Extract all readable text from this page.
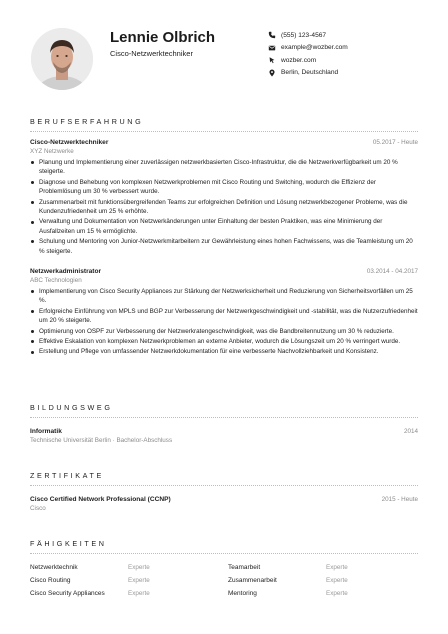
Lennie Olbrich
Cisco-Netzwerktechniker
(555) 123-4567
example@wozber.com
wozber.com
Berlin, Deutschland
BERUFSERFAHRUNG
Cisco-Netzwerktechniker	05.2017 - Heute
XYZ Netzwerke
Planung und Implementierung einer zuverlässigen netzwerkbasierten Cisco-Infrastruktur, die die Netzwerkverfügbarkeit um 20 % steigerte.
Diagnose und Behebung von komplexen Netzwerkproblemen mit Cisco Routing und Switching, wodurch die Effizienz der Problemlösung um 30 % verbessert wurde.
Zusammenarbeit mit funktionsübergreifenden Teams zur erfolgreichen Definition und Lösung netzwerkbezogener Probleme, was die Kundenzufriedenheit um 25 % erhöhte.
Verwaltung und Dokumentation von Netzwerkänderungen unter Einhaltung der besten Praktiken, was eine Minimierung der Ausfallzeiten um 15 % ermöglichte.
Schulung und Mentoring von Junior-Netzwerkmitarbeitern zur Gewährleistung eines hohen Fachwissens, was die Teamleistung um 20 % steigerte.
Netzwerkadministrator	03.2014 - 04.2017
ABC Technologien
Implementierung von Cisco Security Appliances zur Stärkung der Netzwerksicherheit und Reduzierung von Sicherheitsvorfällen um 25 %.
Erfolgreiche Einführung von MPLS und BGP zur Verbesserung der Netzwerkgeschwindigkeit und -stabilität, was die Nutzerzufriedenheit um 20 % steigerte.
Optimierung von OSPF zur Verbesserung der Netzwerkratengeschwindigkeit, was die Bandbreitennutzung um 30 % reduzierte.
Effektive Eskalation von komplexen Netzwerkproblemen an externe Anbieter, wodurch die Lösungszeit um 20 % verringert wurde.
Erstellung und Pflege von umfassender Netzwerkdokumentation für eine verbesserte Nachvollziehbarkeit und Konsistenz.
BILDUNGSWEG
Informatik	2014
Technische Universität Berlin · Bachelor-Abschluss
ZERTIFIKATE
Cisco Certified Network Professional (CCNP)	2015 - Heute
Cisco
FÄHIGKEITEN
Netzwerktechnik	Experte	Teamarbeit	Experte
Cisco Routing	Experte	Zusammenarbeit	Experte
Cisco Security Appliances	Experte	Mentoring	Experte
